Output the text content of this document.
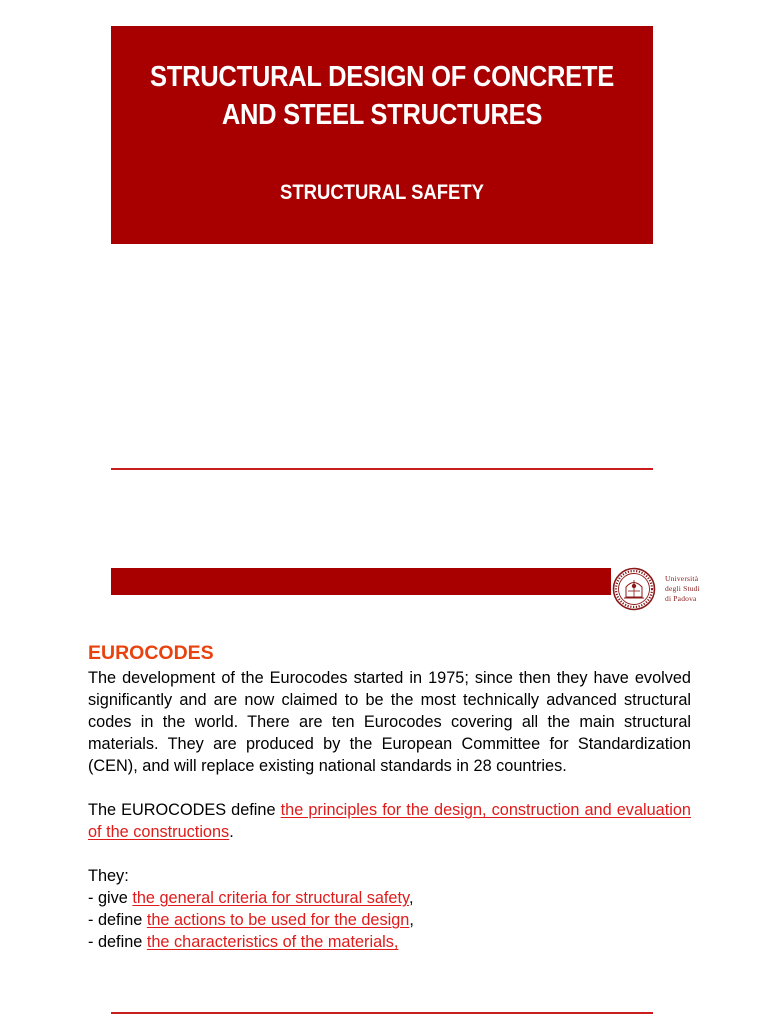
STRUCTURAL DESIGN OF CONCRETE AND STEEL STRUCTURES
STRUCTURAL SAFETY
Università
degli Studi
di Padova
EUROCODES

The development of the Eurocodes started in 1975; since then they have evolved significantly and are now claimed to be the most technically advanced structural codes in the world. There are ten Eurocodes covering all the main structural materials. They are produced by the European Committee for Standardization (CEN), and will replace existing national standards in 28 countries.

The EUROCODES define the principles for the design, construction and evaluation of the constructions.

They:

- give the general criteria for structural safety,

- define the actions to be used for the design,

- define the characteristics of the materials,
